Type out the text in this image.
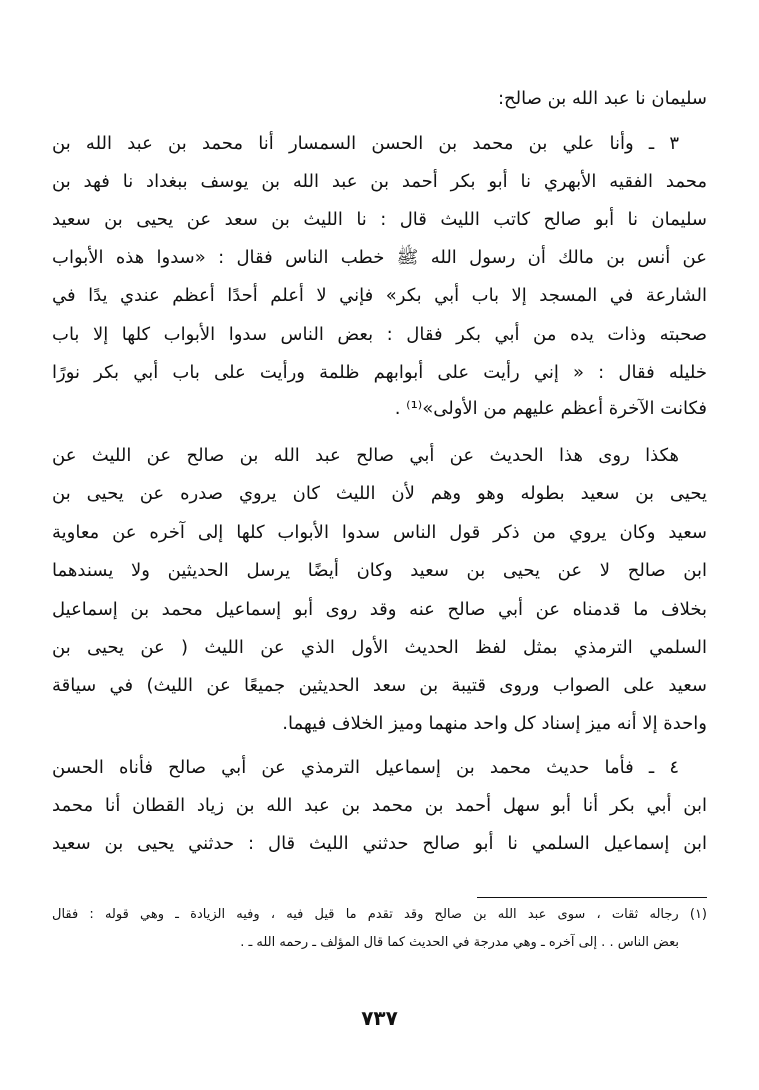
سليمان نا عبد الله بن صالح:
٣ ـ وأنا علي بن محمد بن الحسن السمسار أنا محمد بن عبد الله بن
محمد الفقيه الأبهري نا أبو بكر أحمد بن عبد الله بن يوسف ببغداد نا فهد بن
سليمان نا أبو صالح كاتب الليث قال : نا الليث بن سعد عن يحيى بن سعيد
عن أنس بن مالك أن رسول الله ﷺ خطب الناس فقال : «سدوا هذه الأبواب
الشارعة في المسجد إلا باب أبي بكر» فإني لا أعلم أحدًا أعظم عندي يدًا في
صحبته وذات يده من أبي بكر فقال : بعض الناس سدوا الأبواب كلها إلا باب
خليله فقال : « إني رأيت على أبوابهم ظلمة ورأيت على باب أبي بكر نورًا
فكانت الآخرة أعظم عليهم من الأولى»⁽¹⁾ .
هكذا روى هذا الحديث عن أبي صالح عبد الله بن صالح عن الليث عن
يحيى بن سعيد بطوله وهو وهم لأن الليث كان يروي صدره عن يحيى بن
سعيد وكان يروي من ذكر قول الناس سدوا الأبواب كلها إلى آخره عن معاوية
ابن صالح لا عن يحيى بن سعيد وكان أيضًا يرسل الحديثين ولا يسندهما
بخلاف ما قدمناه عن أبي صالح عنه وقد روى أبو إسماعيل محمد بن إسماعيل
السلمي الترمذي بمثل لفظ الحديث الأول الذي عن الليث ( عن يحيى بن
سعيد على الصواب وروى قتيبة بن سعد الحديثين جميعًا عن الليث) في سياقة
واحدة إلا أنه ميز إسناد كل واحد منهما وميز الخلاف فيهما.
٤ ـ فأما حديث محمد بن إسماعيل الترمذي عن أبي صالح فأناه الحسن
ابن أبي بكر أنا أبو سهل أحمد بن محمد بن عبد الله بن زياد القطان أنا محمد
ابن إسماعيل السلمي نا أبو صالح حدثني الليث قال : حدثني يحيى بن سعيد
(١) رجاله ثقات ، سوى عبد الله بن صالح وقد تقدم ما قيل فيه ، وفيه الزيادة ـ وهي قوله : فقال
بعض الناس . . إلى آخره ـ وهي مدرجة في الحديث كما قال المؤلف ـ رحمه الله ـ .
٧٣٧
